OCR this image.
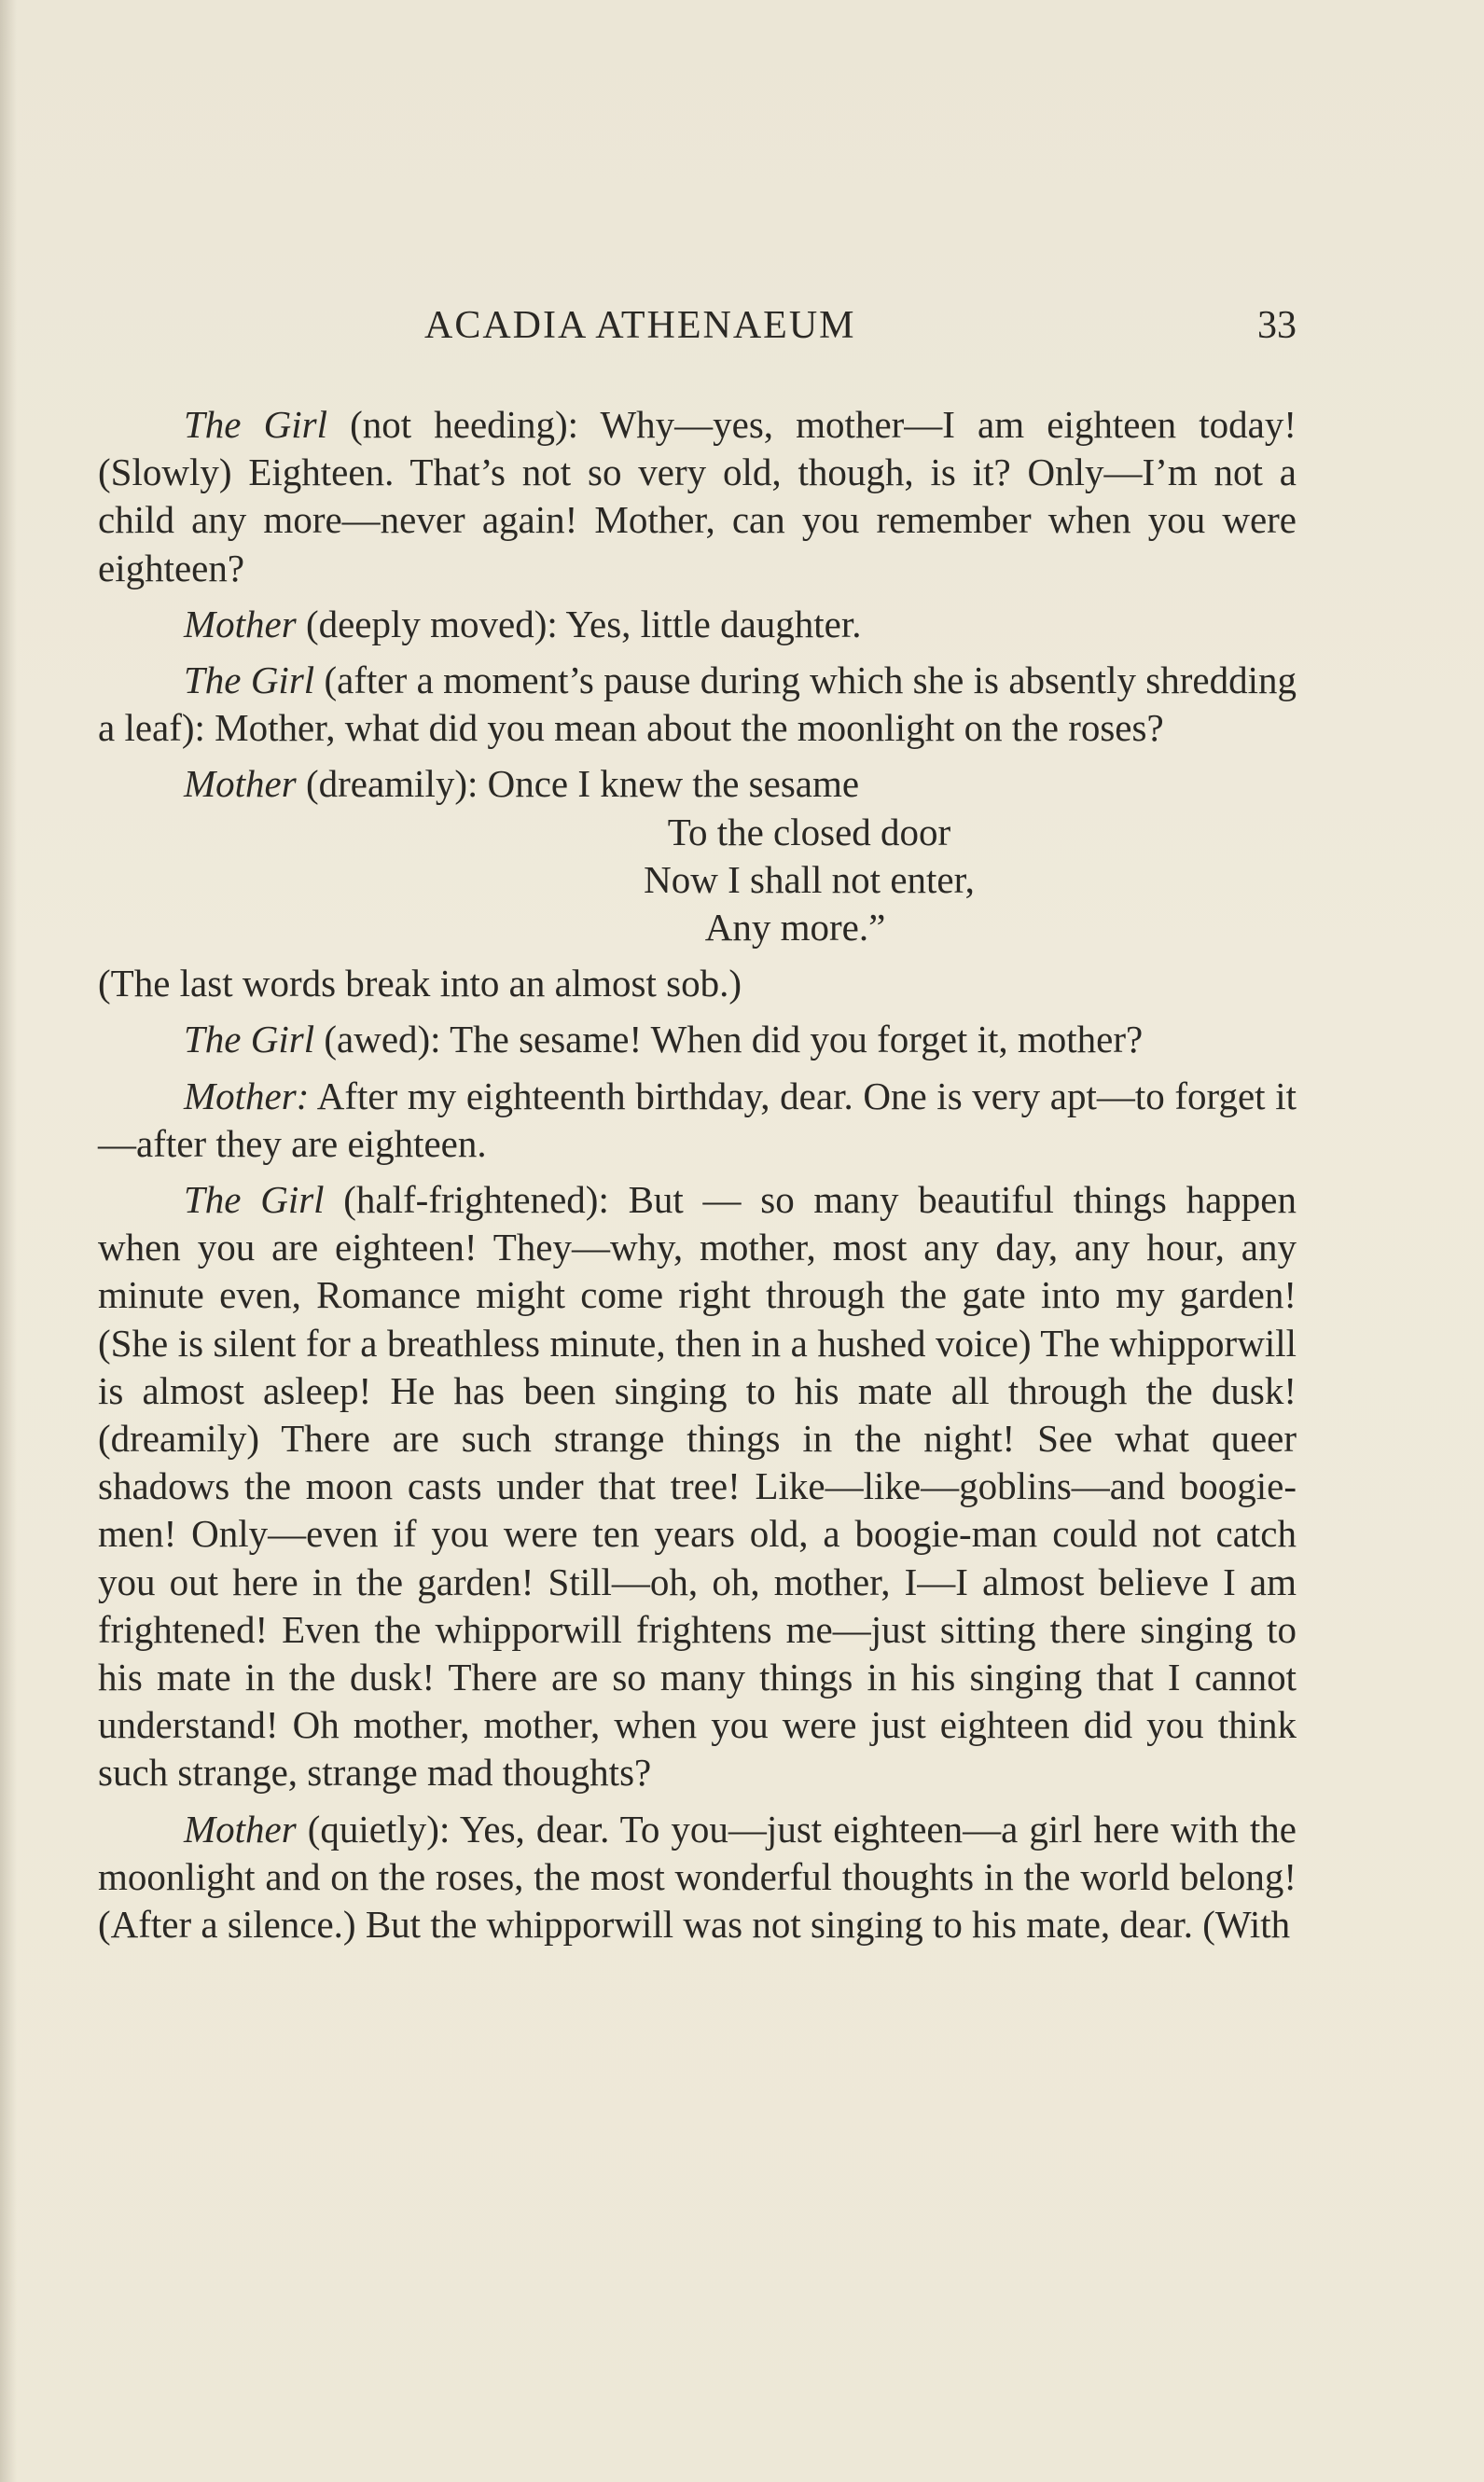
ACADIA ATHENAEUM	33

The Girl (not heeding): Why—yes, mother—I am eighteen today! (Slowly) Eighteen. That’s not so very old, though, is it? Only—I’m not a child any more—never again! Mother, can you remember when you were eighteen?

Mother (deeply moved): Yes, little daughter.

The Girl (after a moment’s pause during which she is absently shredding a leaf): Mother, what did you mean about the moonlight on the roses?

Mother (dreamily): Once I knew the sesame

To the closed door

Now I shall not enter,

Any more.”

(The last words break into an almost sob.)

The Girl (awed): The sesame! When did you forget it, mother?

Mother: After my eighteenth birthday, dear. One is very apt—to forget it—after they are eighteen.

The Girl (half-frightened): But — so many beautiful things happen when you are eighteen! They—why, mother, most any day, any hour, any minute even, Romance might come right through the gate into my garden! (She is silent for a breathless minute, then in a hushed voice) The whipporwill is almost asleep! He has been singing to his mate all through the dusk! (dreamily) There are such strange things in the night! See what queer shadows the moon casts under that tree! Like—like—goblins—and boogie-men! Only—even if you were ten years old, a boogie-man could not catch you out here in the garden! Still—oh, oh, mother, I—I almost believe I am frightened! Even the whipporwill frightens me—just sitting there singing to his mate in the dusk! There are so many things in his singing that I cannot understand! Oh mother, mother, when you were just eighteen did you think such strange, strange mad thoughts?

Mother (quietly): Yes, dear. To you—just eighteen—a girl here with the moonlight and on the roses, the most wonderful thoughts in the world belong! (After a silence.) But the whipporwill was not singing to his mate, dear. (With
